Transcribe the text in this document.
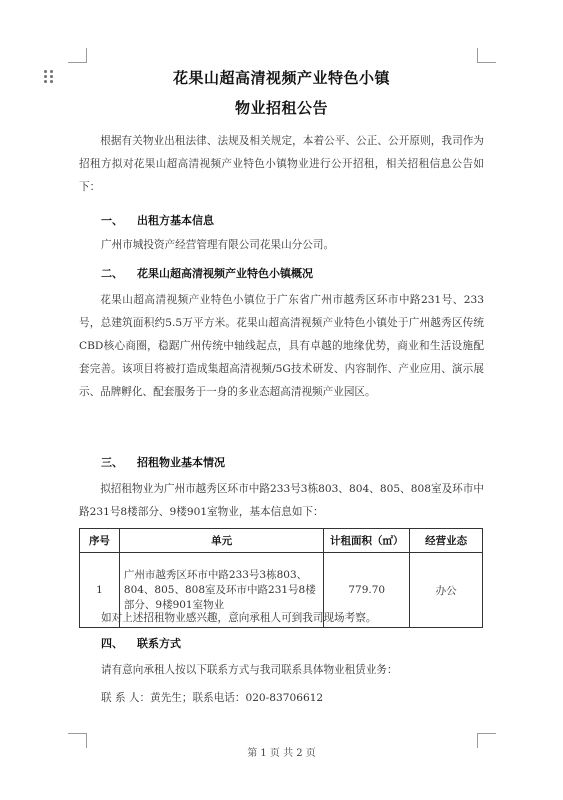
花果山超高清视频产业特色小镇
物业招租公告
根据有关物业出租法律、法规及相关规定，本着公平、公正、公开原则，我司作为招租方拟对花果山超高清视频产业特色小镇物业进行公开招租，相关招租信息公告如下：
一、 出租方基本信息
广州市城投资产经营管理有限公司花果山分公司。
二、 花果山超高清视频产业特色小镇概况
花果山超高清视频产业特色小镇位于广东省广州市越秀区环市中路231号、233号，总建筑面积约5.5万平方米。花果山超高清视频产业特色小镇处于广州越秀区传统CBD核心商圈，稳踞广州传统中轴线起点，具有卓越的地缘优势，商业和生活设施配套完善。该项目将被打造成集超高清视频/5G技术研发、内容制作、产业应用、演示展示、品牌孵化、配套服务于一身的多业态超高清视频产业园区。
三、 招租物业基本情况
拟招租物业为广州市越秀区环市中路233号3栋803、804、805、808室及环市中路231号8楼部分、9楼901室物业，基本信息如下：
序号	单元	计租面积（㎡）	经营业态
1	广州市越秀区环市中路233号3栋803、804、805、808室及环市中路231号8楼部分、9楼901室物业	779.70	办公
如对上述招租物业感兴趣，意向承租人可到我司现场考察。
四、 联系方式
请有意向承租人按以下联系方式与我司联系具体物业租赁业务：
联 系 人：黄先生；联系电话：020-83706612
第 1 页 共 2 页
